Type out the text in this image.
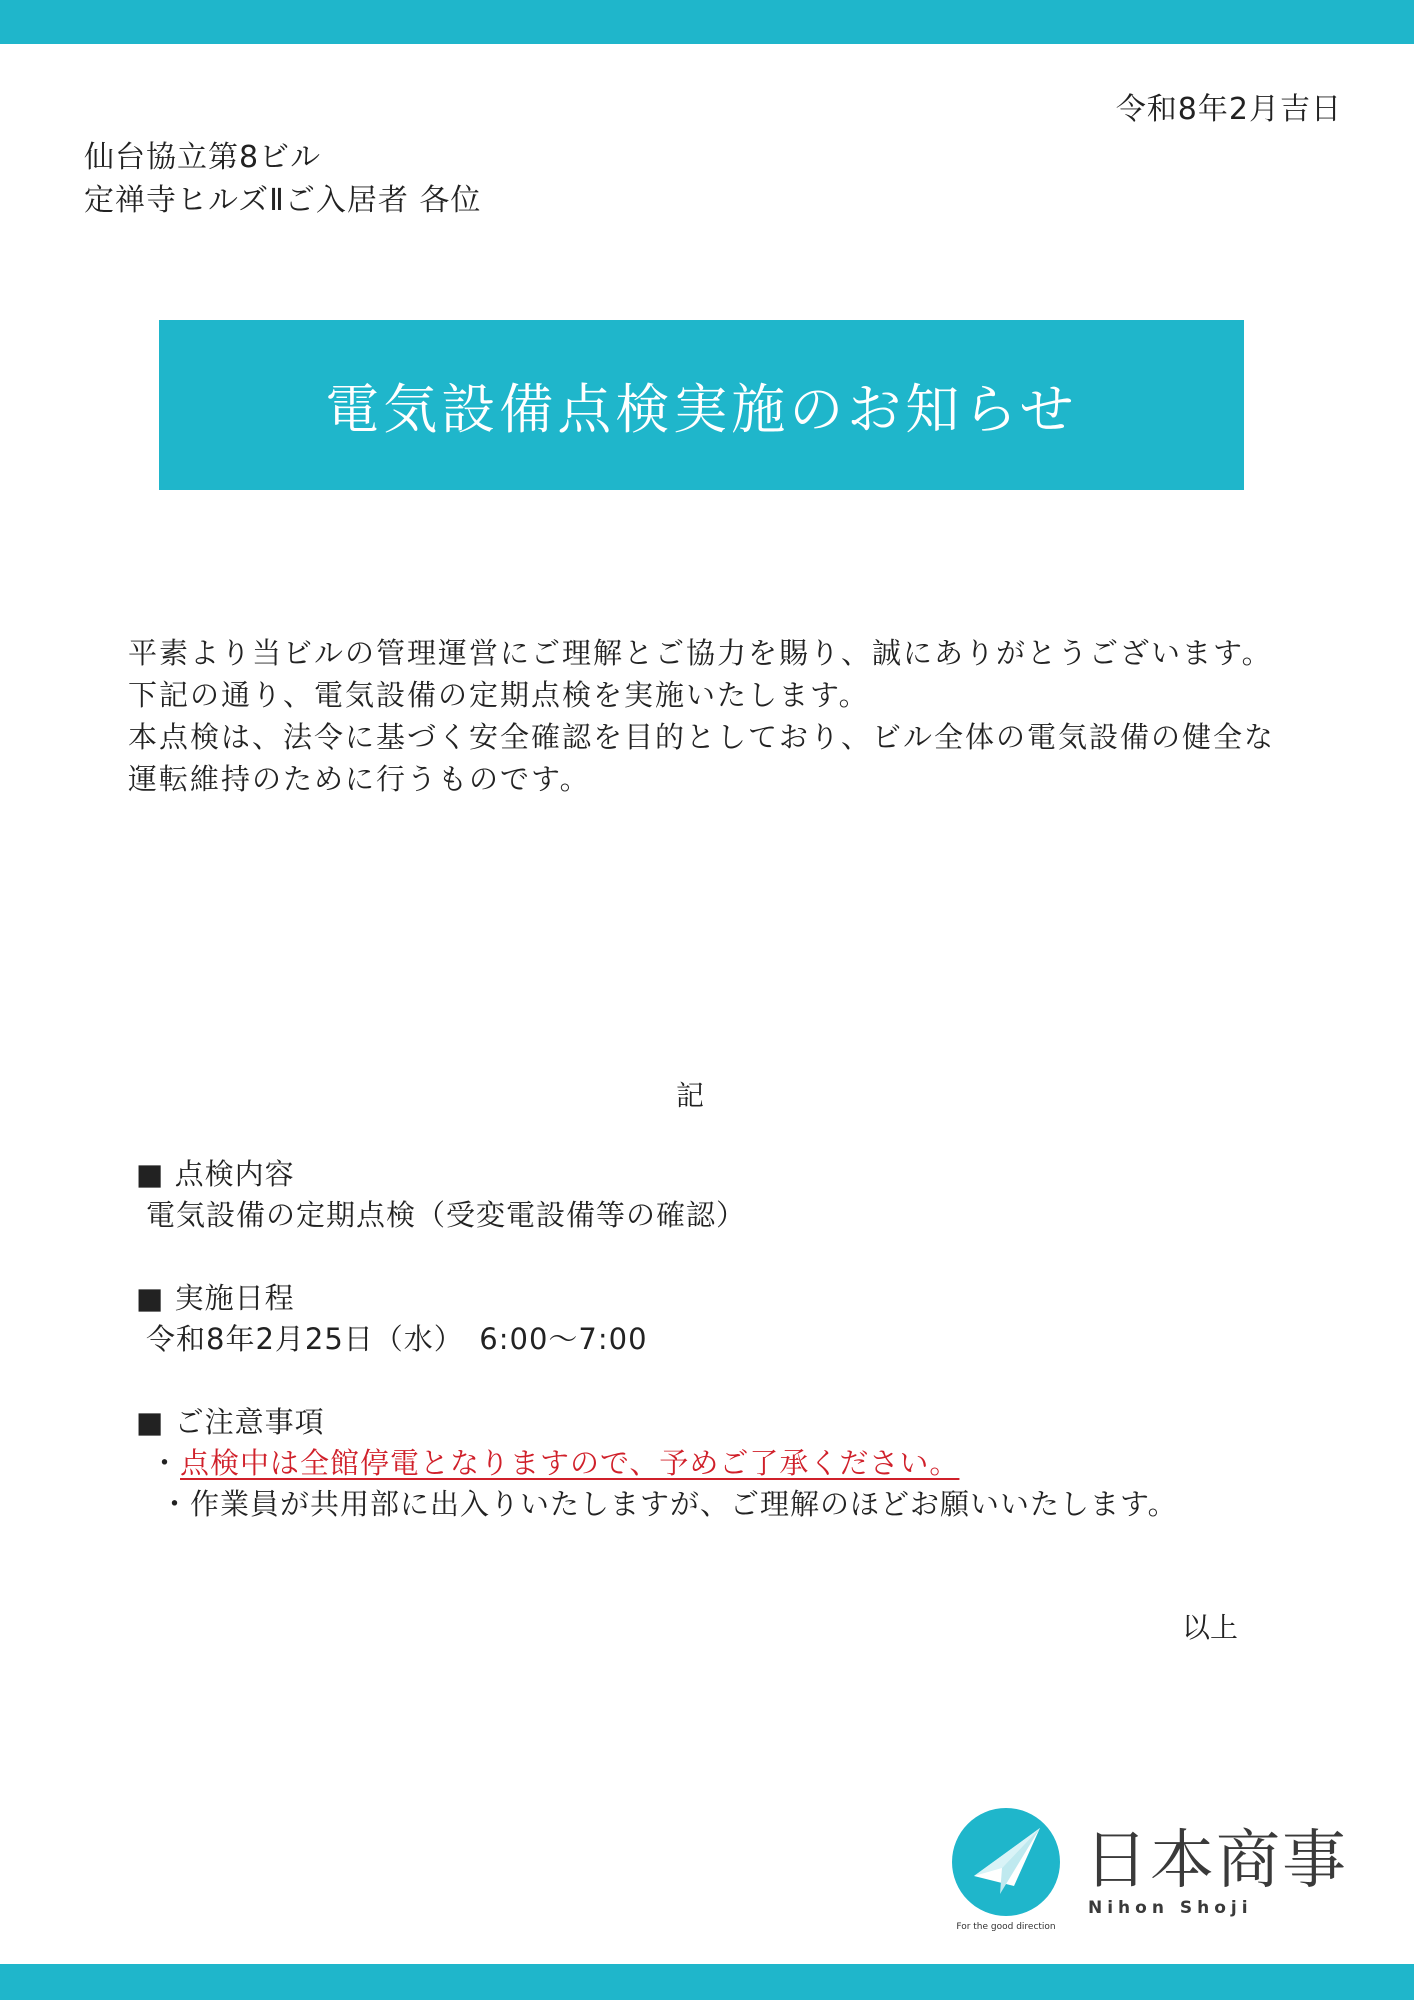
令和8年2月吉日
仙台協立第8ビル
定禅寺ヒルズⅡご入居者 各位
電気設備点検実施のお知らせ

平素より当ビルの管理運営にご理解とご協力を賜り、誠にありがとうございます。

下記の通り、電気設備の定期点検を実施いたします。

本点検は、法令に基づく安全確認を目的としており、ビル全体の電気設備の健全な運転維持のために行うものです。

記

■ 点検内容

電気設備の定期点検（受変電設備等の確認）

■ 実施日程

令和8年2月25日（水）　6:00〜7:00

■ ご注意事項

・点検中は全館停電となりますので、予めご了承ください。

・作業員が共用部に出入りいたしますが、ご理解のほどお願いいたします。

以上
For the good direction
日本商事
Nihon Shoji
